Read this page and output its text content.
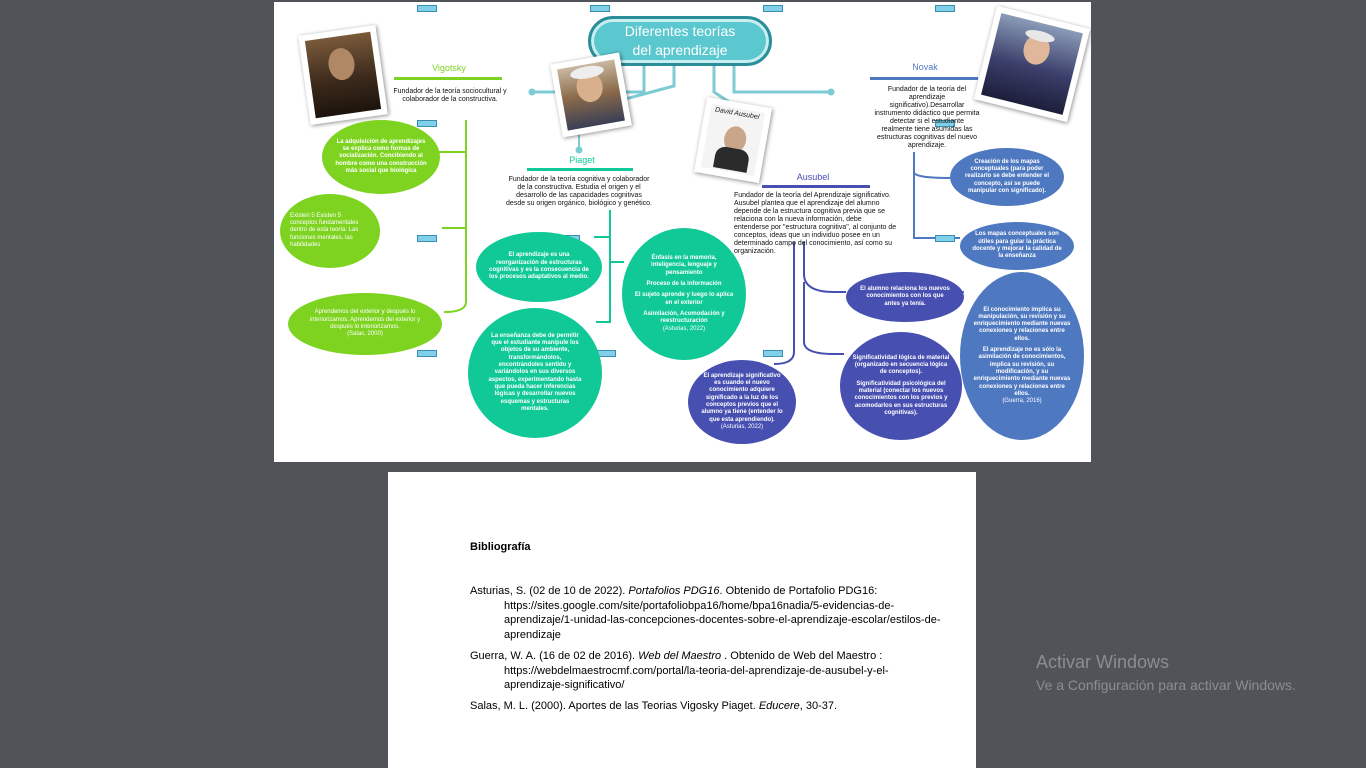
Diferentes teorías del aprendizaje
Vigotsky
Fundador de la teoría sociocultural y colaborador de la constructiva.
La adquisición de aprendizajes se explica como formas de socialización. Concibiendo al hombre como una construcción más social que biológica
Existen 5 Existen 5 conceptos fundamentales dentro de esta teoría: Las funciones mentales, las habilidades
Aprendemos del exterior y después lo interiorizamos. Aprendemos del exterior y después lo interiorizamos.
(Salas, 2000)
Piaget
Fundador de la teoría cognitiva y colaborador de la constructiva. Estudia el origen y el desarrollo de las capacidades cognitivas desde su origen orgánico, biológico y genético.
El aprendizaje es una reorganización de estructuras cognitivas y es la consecuencia de los procesos adaptativos al medio.
La enseñanza debe de permitir que el estudiante manipule los objetos de su ambiente, transformándolos, encontrándoles sentido y variándolos en sus diversos aspectos, experimentando hasta que pueda hacer inferencias lógicas y desarrollar nuevos esquemas y estructuras mentales.

Énfasis en la memoria, inteligencia, lenguaje y pensamiento

Proceso de la información

El sujeto aprende y luego lo aplica en el exterior

Asimilación, Acomodación y reestructuración
(Asturias, 2022)
David Ausubel
Ausubel
Fundador de la teoría del Aprendizaje significativo. Ausubel plantea que el aprendizaje del alumno depende de la estructura cognitiva previa que se relaciona con la nueva información, debe entenderse por "estructura cognitiva", al conjunto de conceptos, ideas que un individuo posee en un determinado campo del conocimiento, así como su organización.
El alumno relaciona los nuevos conocimientos con los que antes ya tenía.

Significatividad lógica de material (organizado en secuencia lógica de conceptos).

Significatividad psicológica del material (conectar los nuevos conocimientos con los previos y acomodarlos en sus estructuras cognitivas).
El aprendizaje significativo es cuando el nuevo conocimiento adquiere significado a la luz de los conceptos previos que el alumno ya tiene (entender lo que esta aprendiendo).
(Asturias, 2022)
Novak
Fundador de la teoría del aprendizaje significativo).Desarrollar instrumento didáctico que permita detectar si el estudiante realmente tiene asumidas las estructuras cognitivas del nuevo aprendizaje.
Creación de los mapas conceptuales (para poder realizarlo se debe entender el concepto, así se puede manipular con significado).
Los mapas conceptuales son útiles para guiar la práctica docente y mejorar la calidad de la enseñanza

El conocimiento implica su manipulación, su revisión y su enriquecimiento mediante nuevas conexiones y relaciones entre ellos.

El aprendizaje no es sólo la asimilación de conocimientos, implica su revisión, su modificación, y su enriquecimiento mediante nuevas conexiones y relaciones entre ellos.
(Guerra, 2016)
Bibliografía
Asturias, S. (02 de 10 de 2022). Portafolios PDG16. Obtenido de Portafolio PDG16: https://sites.google.com/site/portafoliobpa16/home/bpa16nadia/5-evidencias-de-aprendizaje/1-unidad-las-concepciones-docentes-sobre-el-aprendizaje-escolar/estilos-de-aprendizaje
Guerra, W. A. (16 de 02 de 2016). Web del Maestro . Obtenido de Web del Maestro : https://webdelmaestrocmf.com/portal/la-teoria-del-aprendizaje-de-ausubel-y-el-aprendizaje-significativo/
Salas, M. L. (2000). Aportes de las Teorias Vigosky Piaget. Educere, 30-37.
Activar Windows
Ve a Configuración para activar Windows.
